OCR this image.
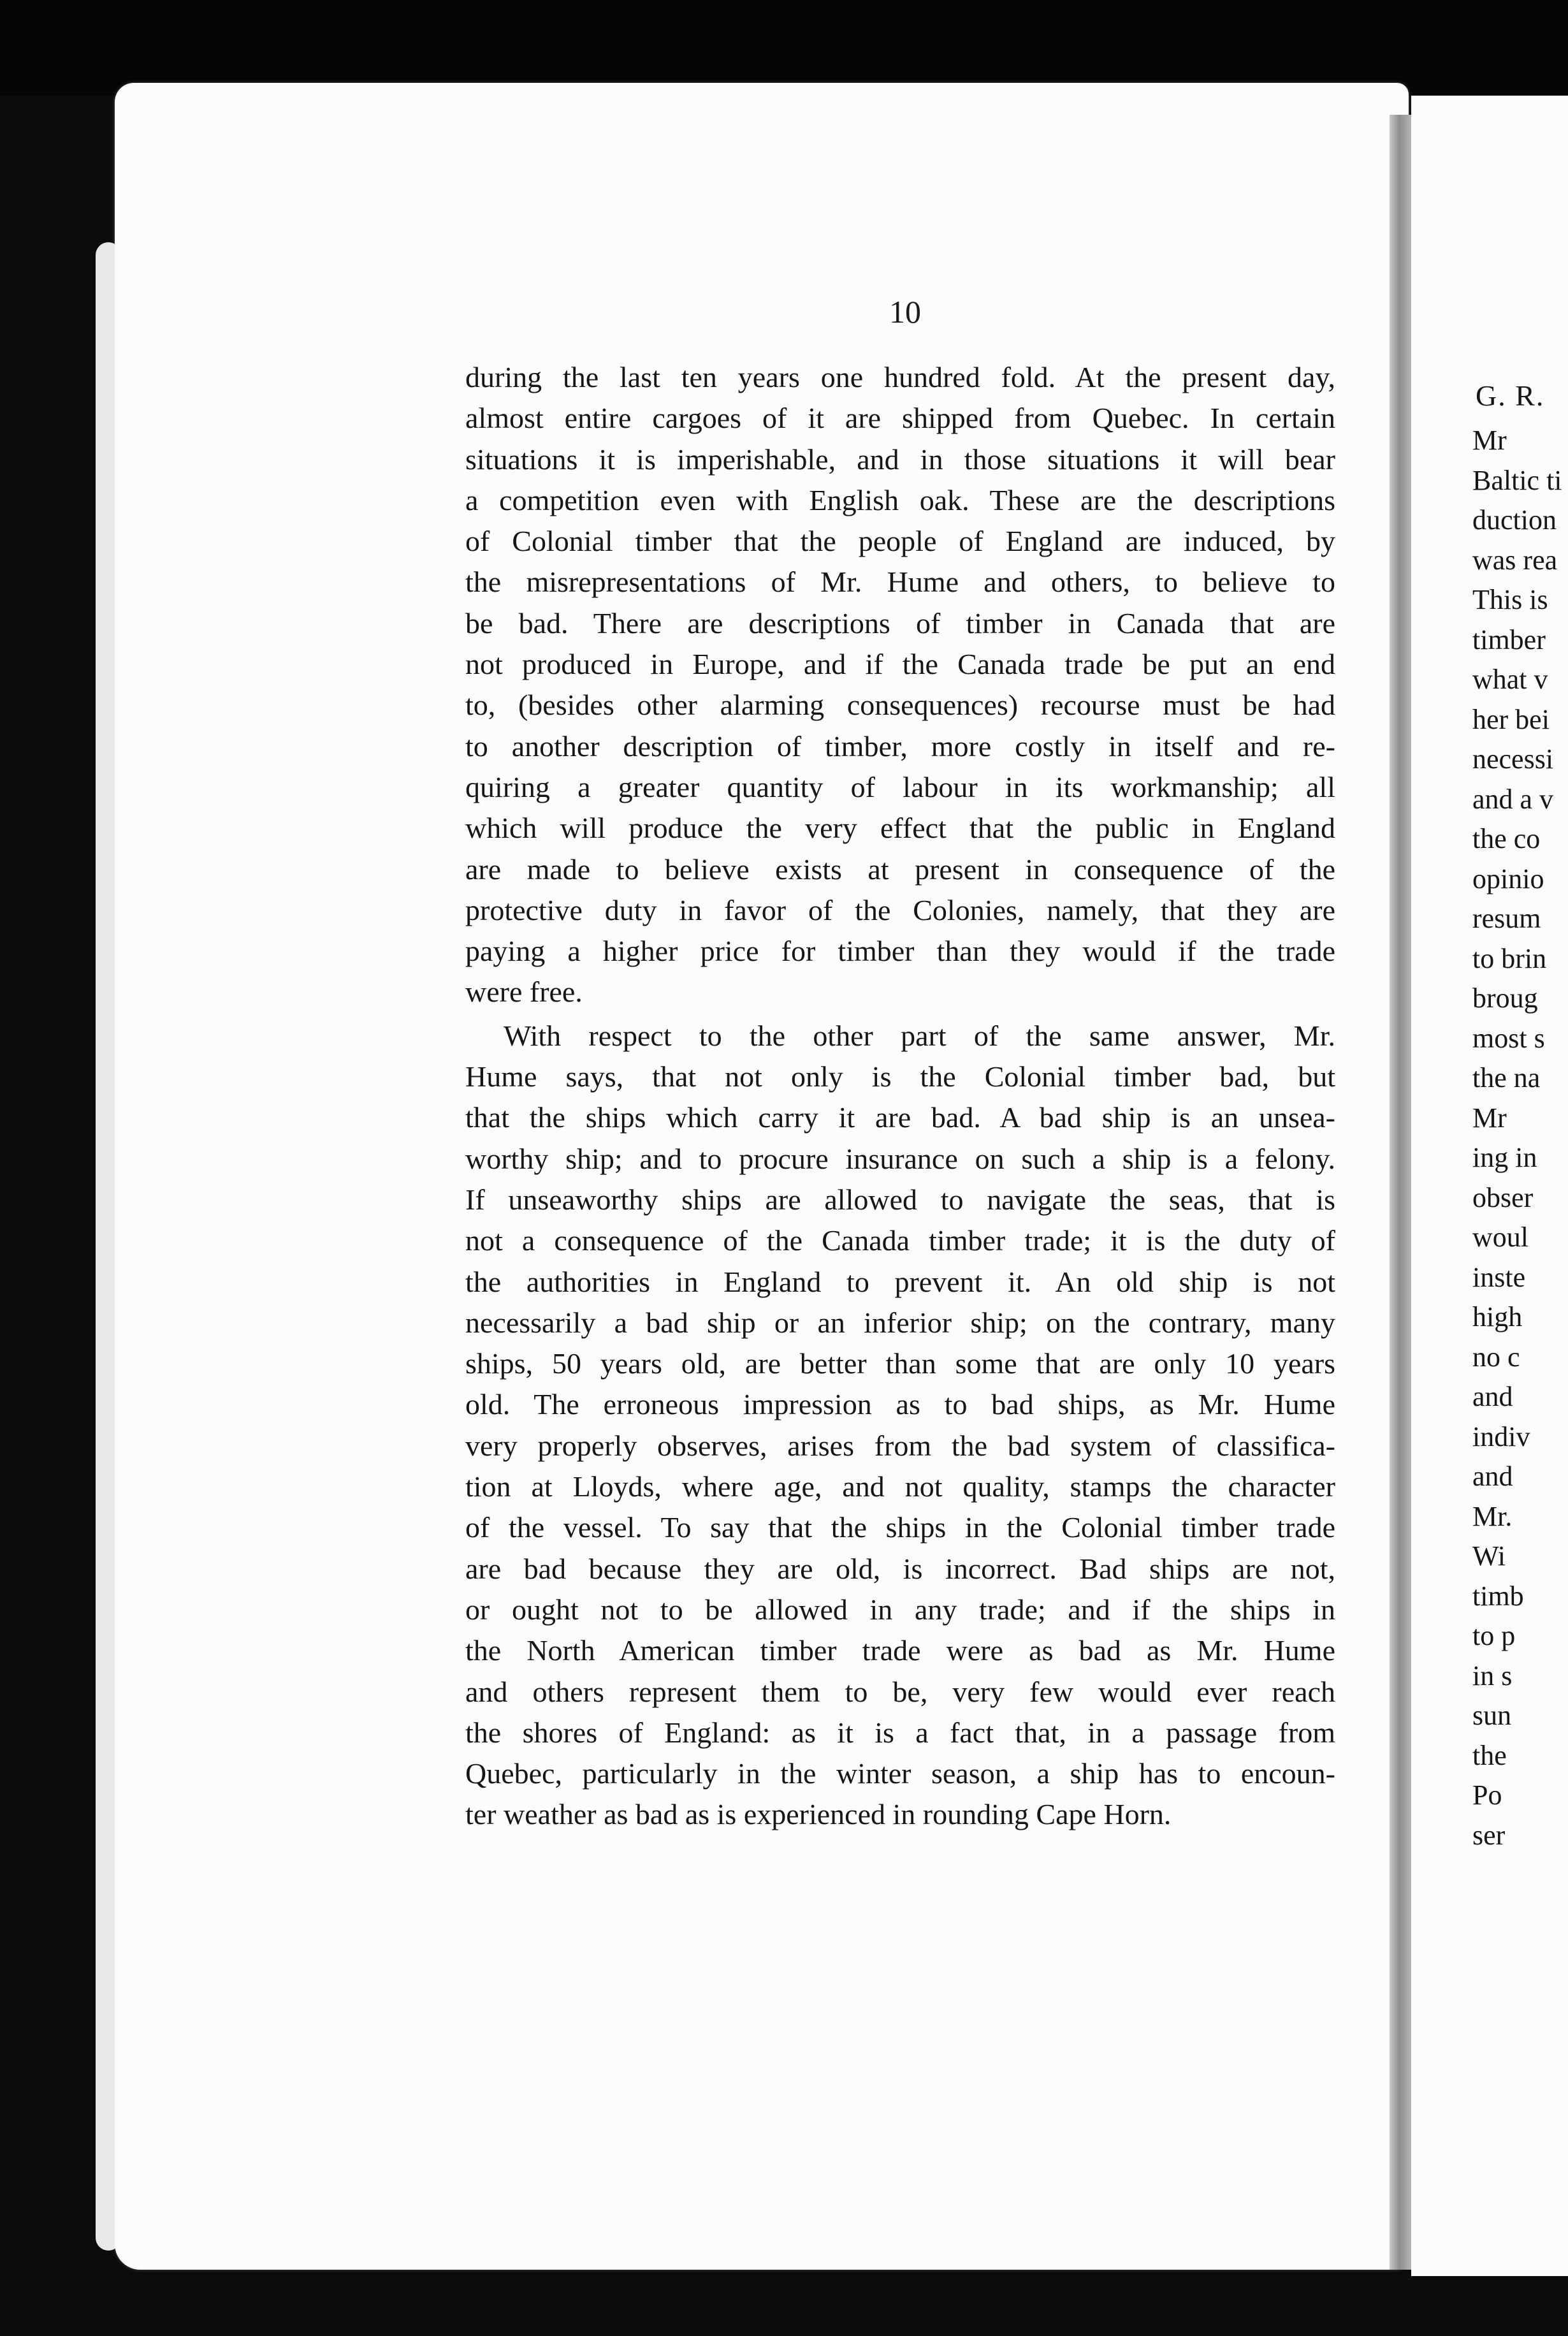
10

during the last ten years one hundred fold. At the present day,
almost entire cargoes of it are shipped from Quebec. In certain
situations it is imperishable, and in those situations it will bear
a competition even with English oak. These are the descriptions
of Colonial timber that the people of England are induced, by
the misrepresentations of Mr. Hume and others, to believe to
be bad. There are descriptions of timber in Canada that are
not produced in Europe, and if the Canada trade be put an end
to, (besides other alarming consequences) recourse must be had
to another description of timber, more costly in itself and re-
quiring a greater quantity of labour in its workmanship; all
which will produce the very effect that the public in England
are made to believe exists at present in consequence of the
protective duty in favor of the Colonies, namely, that they are
paying a higher price for timber than they would if the trade
were free.

With respect to the other part of the same answer, Mr.
Hume says, that not only is the Colonial timber bad, but
that the ships which carry it are bad. A bad ship is an unsea-
worthy ship; and to procure insurance on such a ship is a felony.
If unseaworthy ships are allowed to navigate the seas, that is
not a consequence of the Canada timber trade; it is the duty of
the authorities in England to prevent it. An old ship is not
necessarily a bad ship or an inferior ship; on the contrary, many
ships, 50 years old, are better than some that are only 10 years
old. The erroneous impression as to bad ships, as Mr. Hume
very properly observes, arises from the bad system of classifica-
tion at Lloyds, where age, and not quality, stamps the character
of the vessel. To say that the ships in the Colonial timber trade
are bad because they are old, is incorrect. Bad ships are not,
or ought not to be allowed in any trade; and if the ships in
the North American timber trade were as bad as Mr. Hume
and others represent them to be, very few would ever reach
the shores of England: as it is a fact that, in a passage from
Quebec, particularly in the winter season, a ship has to encoun-
ter weather as bad as is experienced in rounding Cape Horn.

G. R.
Mr
Baltic ti
duction
was rea
This is
timber
what v
her bei
necessi
and a v
the co
opinio
resum
to brin
broug
most s
the na
Mr
ing in
obser
woul
inste
high
no c
and
indiv
and
Mr.
Wi
timb
to p
in s
sun
the
Po
ser
